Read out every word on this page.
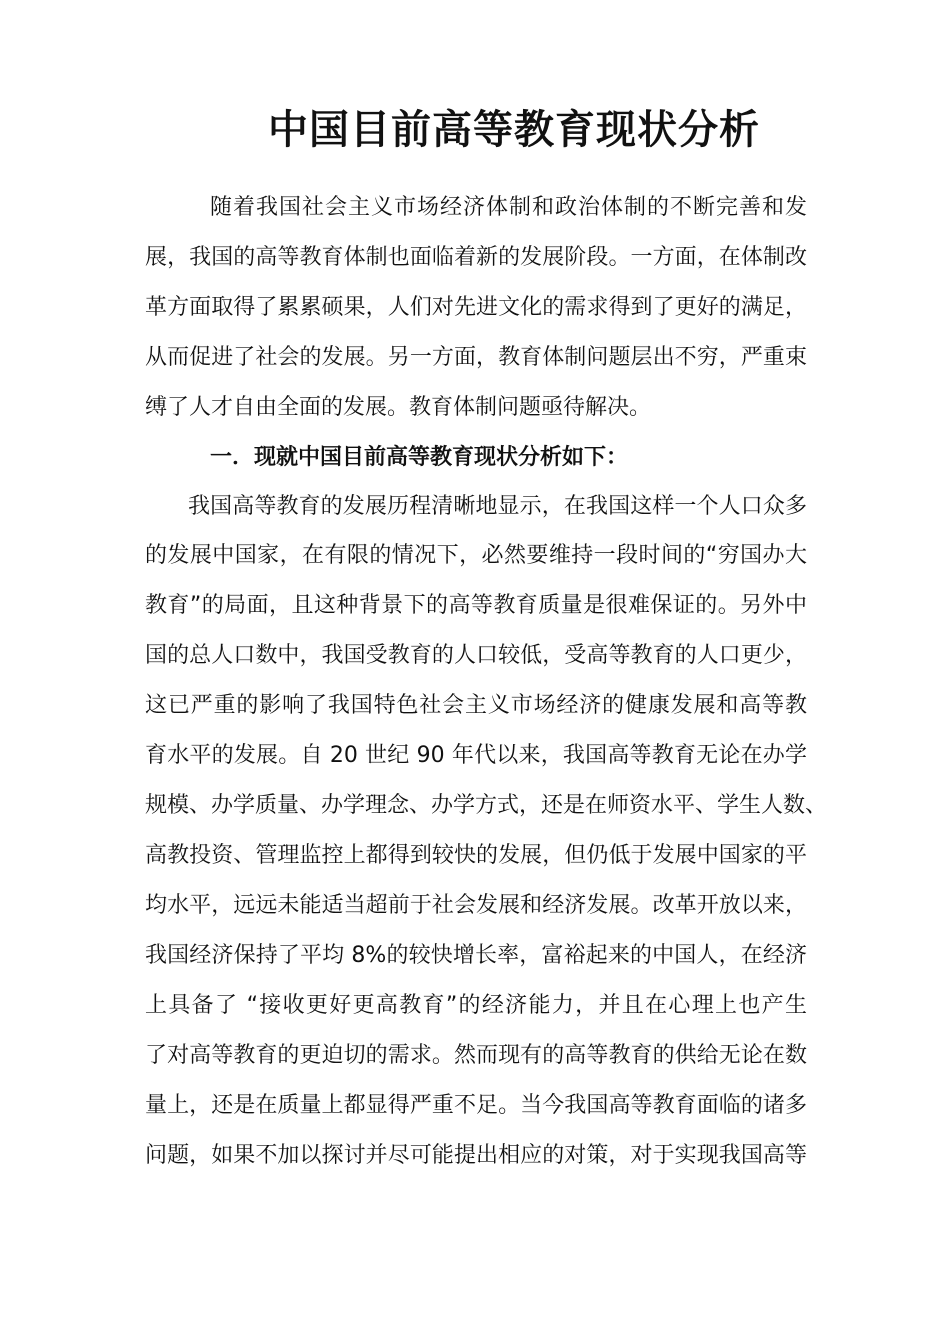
中国目前高等教育现状分析
随着我国社会主义市场经济体制和政治体制的不断完善和发
展，我国的高等教育体制也面临着新的发展阶段。一方面，在体制改
革方面取得了累累硕果，人们对先进文化的需求得到了更好的满足，
从而促进了社会的发展。另一方面，教育体制问题层出不穷，严重束
缚了人才自由全面的发展。教育体制问题亟待解决。
一．现就中国目前高等教育现状分析如下：
我国高等教育的发展历程清晰地显示，在我国这样一个人口众多
的发展中国家，在有限的情况下，必然要维持一段时间的“穷国办大
教育”的局面，且这种背景下的高等教育质量是很难保证的。另外中
国的总人口数中，我国受教育的人口较低，受高等教育的人口更少，
这已严重的影响了我国特色社会主义市场经济的健康发展和高等教
育水平的发展。自 20 世纪 90 年代以来，我国高等教育无论在办学
规模、办学质量、办学理念、办学方式，还是在师资水平、学生人数、
高教投资、管理监控上都得到较快的发展，但仍低于发展中国家的平
均水平，远远未能适当超前于社会发展和经济发展。改革开放以来，
我国经济保持了平均 8%的较快增长率，富裕起来的中国人，在经济
上具备了 “接收更好更高教育”的经济能力，并且在心理上也产生
了对高等教育的更迫切的需求。然而现有的高等教育的供给无论在数
量上，还是在质量上都显得严重不足。当今我国高等教育面临的诸多
问题，如果不加以探讨并尽可能提出相应的对策，对于实现我国高等
